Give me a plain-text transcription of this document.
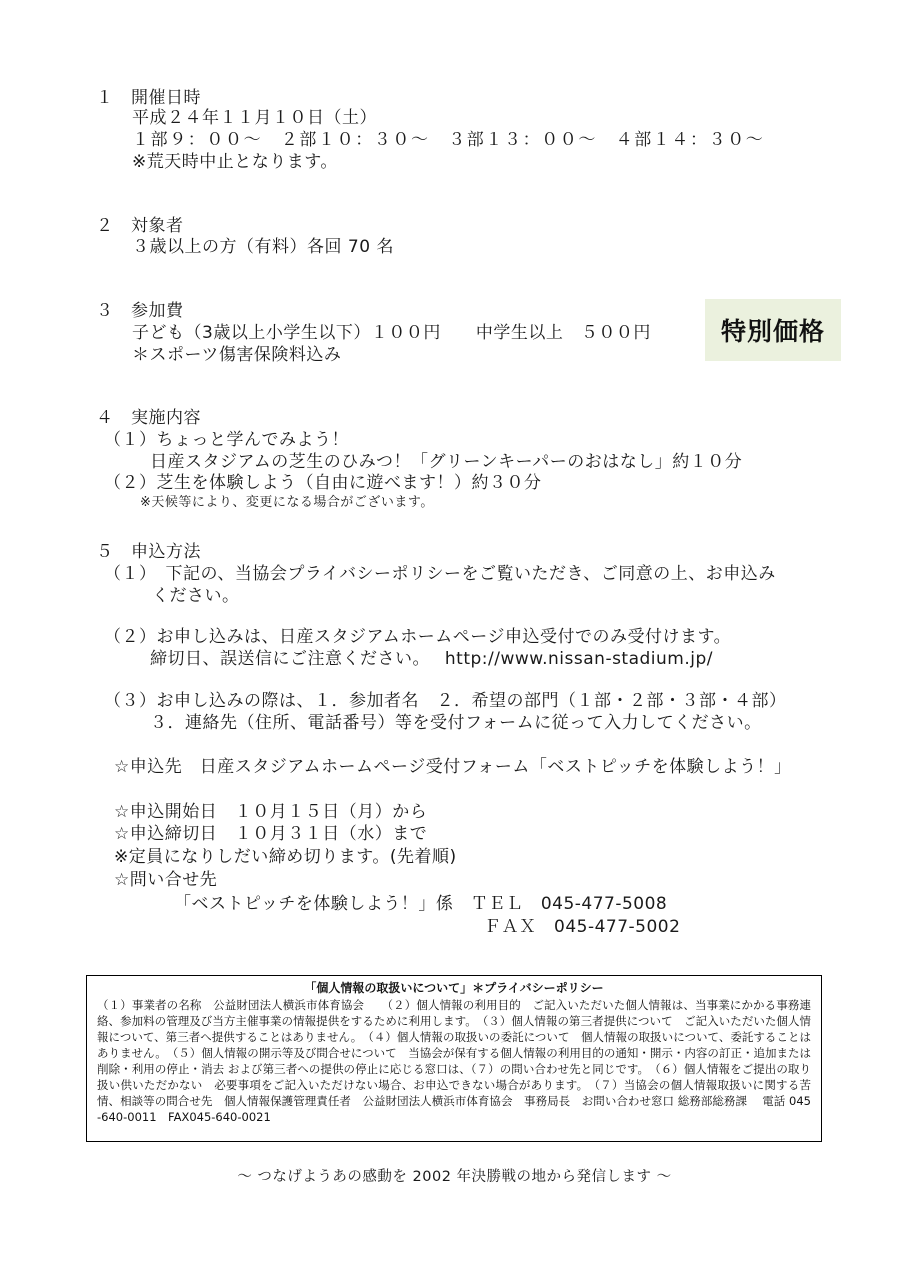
１　開催日時
平成２４年１１月１０日（土）
１部９：００～　２部１０：３０～　３部１３：００～　４部１４：３０～
※荒天時中止となります。
２　対象者
３歳以上の方（有料）各回 70 名
３　参加費
子ども（3歳以上小学生以下）１００円　　中学生以上　５００円
＊スポーツ傷害保険料込み
特別価格
４　実施内容
（１）ちょっと学んでみよう！
日産スタジアムの芝生のひみつ！「グリーンキーパーのおはなし」約１０分
（２）芝生を体験しよう（自由に遊べます！）約３０分
※天候等により、変更になる場合がございます。
５　申込方法
（１）　下記の、当協会プライバシーポリシーをご覧いただき、ご同意の上、お申込み
ください。
（２）お申し込みは、日産スタジアムホームページ申込受付でのみ受付けます。
締切日、誤送信にご注意ください。　 http://www.nissan-stadium.jp/
（３）お申し込みの際は、１．参加者名　２．希望の部門（１部・２部・３部・４部）
３．連絡先（住所、電話番号）等を受付フォームに従って入力してください。
☆申込先　日産スタジアムホームページ受付フォーム「ベストピッチを体験しよう！」
☆申込開始日　１０月１５日（月）から
☆申込締切日　１０月３１日（水）まで
※定員になりしだい締め切ります。(先着順)
☆問い合せ先
「ベストピッチを体験しよう！」係　ＴＥＬ　045-477-5008
ＦＡＸ　045-477-5002
「個人情報の取扱いについて」＊プライバシーポリシー
（１）事業者の名称　公益財団法人横浜市体育協会　　（２）個人情報の利用目的　ご記入いただいた個人情報は、当事業にかかる事務連絡、参加料の管理及び当方主催事業の情報提供をするために利用します。　（３）個人情報の第三者提供について　ご記入いただいた個人情報について、第三者へ提供することはありません。　（４）個人情報の取扱いの委託について　個人情報の取扱いについて、委託することはありません。　（５）個人情報の開示等及び問合せについて　当協会が保有する個人情報の利用目的の通知・開示・内容の訂正・追加または削除・利用の停止・消去 および第三者への提供の停止に応じる窓口は、（７）の問い合わせ先と同じです。　（６）個人情報をご提出の取り扱い供いただかない　必要事項をご記入いただけない場合、お申込できない場合があります。　（７）当協会の個人情報取扱いに関する苦情、相談等の問合せ先　個人情報保護管理責任者　公益財団法人横浜市体育協会　事務局長　お問い合わせ窓口 総務部総務課　 電話 045-640-0011　FAX045-640-0021
～ つなげようあの感動を 2002 年決勝戦の地から発信します ～
